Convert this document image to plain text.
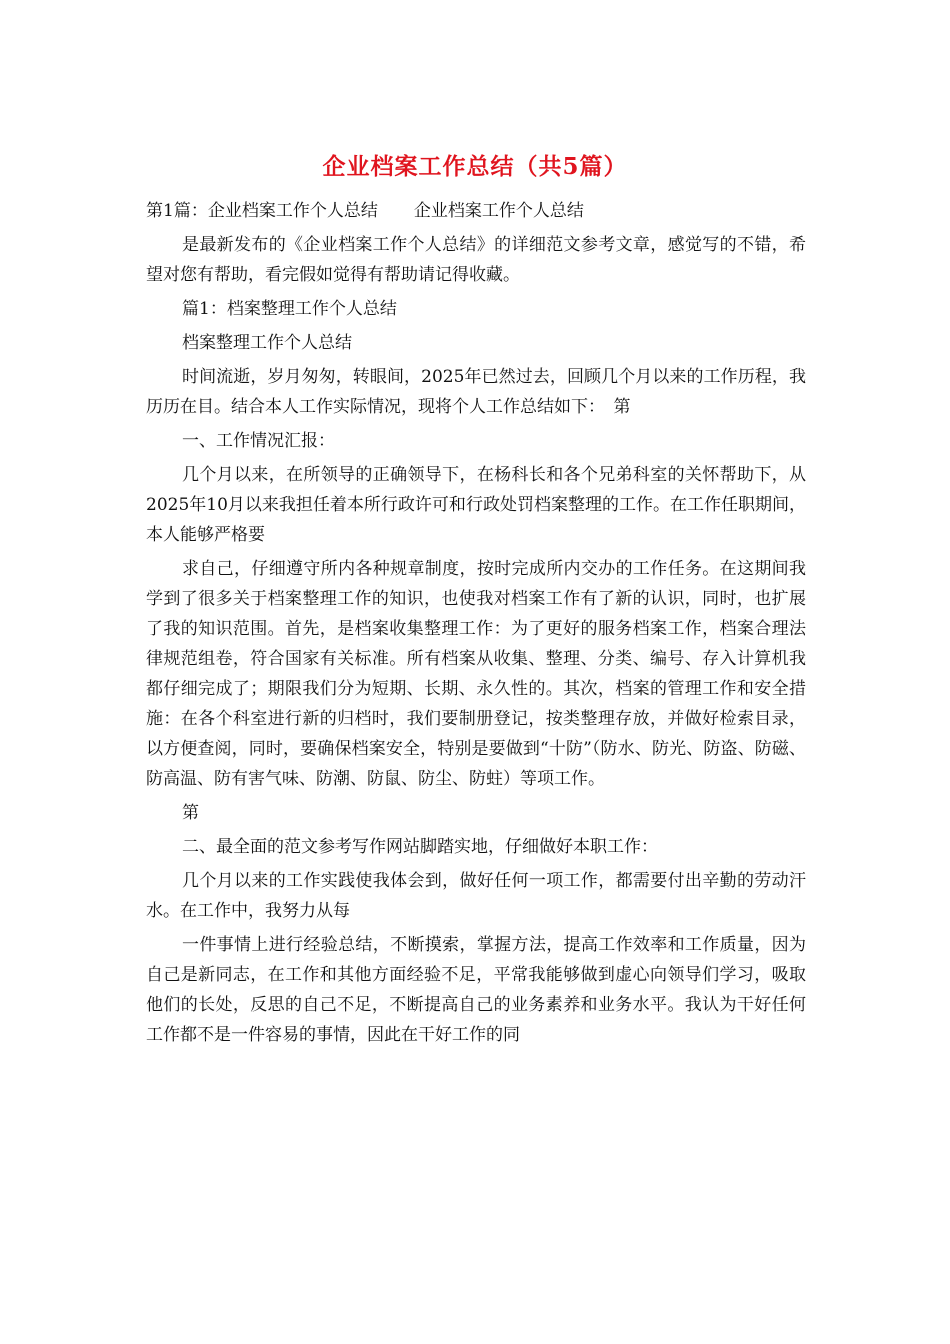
企业档案工作总结（共5篇）

第1篇：企业档案工作个人总结 企业档案工作个人总结

是最新发布的《企业档案工作个人总结》的详细范文参考文章，感觉写的不错，希望对您有帮助，看完假如觉得有帮助请记得收藏。

篇1：档案整理工作个人总结

档案整理工作个人总结

时间流逝，岁月匆匆，转眼间，2025年已然过去，回顾几个月以来的工作历程，我历历在目。结合本人工作实际情况，现将个人工作总结如下：　第

一、工作情况汇报：

几个月以来，在所领导的正确领导下，在杨科长和各个兄弟科室的关怀帮助下，从2025年10月以来我担任着本所行政许可和行政处罚档案整理的工作。在工作任职期间，本人能够严格要

求自己，仔细遵守所内各种规章制度，按时完成所内交办的工作任务。在这期间我学到了很多关于档案整理工作的知识，也使我对档案工作有了新的认识，同时，也扩展了我的知识范围。首先，是档案收集整理工作：为了更好的服务档案工作，档案合理法律规范组卷，符合国家有关标准。所有档案从收集、整理、分类、编号、存入计算机我都仔细完成了；期限我们分为短期、长期、永久性的。其次，档案的管理工作和安全措施：在各个科室进行新的归档时，我们要制册登记，按类整理存放，并做好检索目录，以方便查阅，同时，要确保档案安全，特别是要做到“十防”（防水、防光、防盗、防磁、防高温、防有害气味、防潮、防鼠、防尘、防蛀）等项工作。

第

二、最全面的范文参考写作网站脚踏实地，仔细做好本职工作：

几个月以来的工作实践使我体会到，做好任何一项工作，都需要付出辛勤的劳动汗水。在工作中，我努力从每

一件事情上进行经验总结，不断摸索，掌握方法，提高工作效率和工作质量，因为自己是新同志，在工作和其他方面经验不足，平常我能够做到虚心向领导们学习，吸取他们的长处，反思的自己不足，不断提高自己的业务素养和业务水平。我认为干好任何工作都不是一件容易的事情，因此在干好工作的同
